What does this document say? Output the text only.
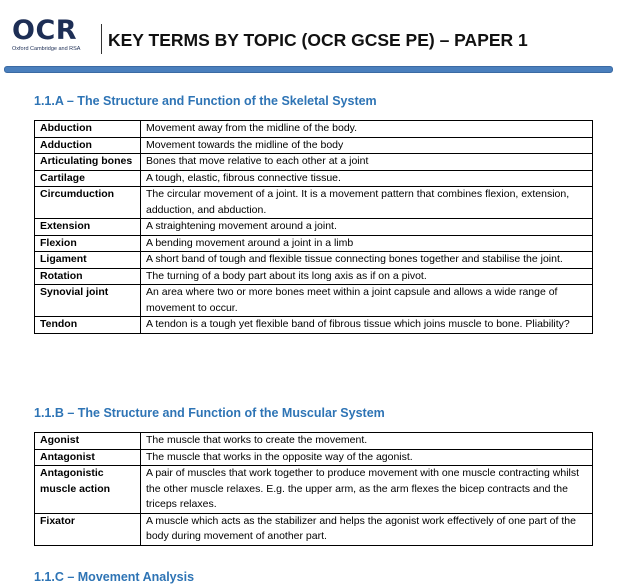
OCR
Oxford Cambridge and RSA	KEY TERMS BY TOPIC (OCR GCSE PE) – PAPER 1
1.1.A – The Structure and Function of the Skeletal System
Abduction	Movement away from the midline of the body.
Adduction	Movement towards the midline of the body
Articulating bones	Bones that move relative to each other at a joint
Cartilage	A tough, elastic, fibrous connective tissue.
Circumduction	The circular movement of a joint. It is a movement pattern that combines flexion, extension, adduction, and abduction.
Extension	A straightening movement around a joint.
Flexion	A bending movement around a joint in a limb
Ligament	A short band of tough and flexible tissue connecting bones together and stabilise the joint.
Rotation	The turning of a body part about its long axis as if on a pivot.
Synovial joint	An area where two or more bones meet within a joint capsule and allows a wide range of movement to occur.
Tendon	A tendon is a tough yet flexible band of fibrous tissue which joins muscle to bone. Pliability?
1.1.B – The Structure and Function of the Muscular System
Agonist	The muscle that works to create the movement.
Antagonist	The muscle that works in the opposite way of the agonist.
Antagonistic muscle action	A pair of muscles that work together to produce movement with one muscle contracting whilst the other muscle relaxes. E.g. the upper arm, as the arm flexes the bicep contracts and the triceps relaxes.
Fixator	A muscle which acts as the stabilizer and helps the agonist work effectively of one part of the body during movement of another part.
1.1.C – Movement Analysis
